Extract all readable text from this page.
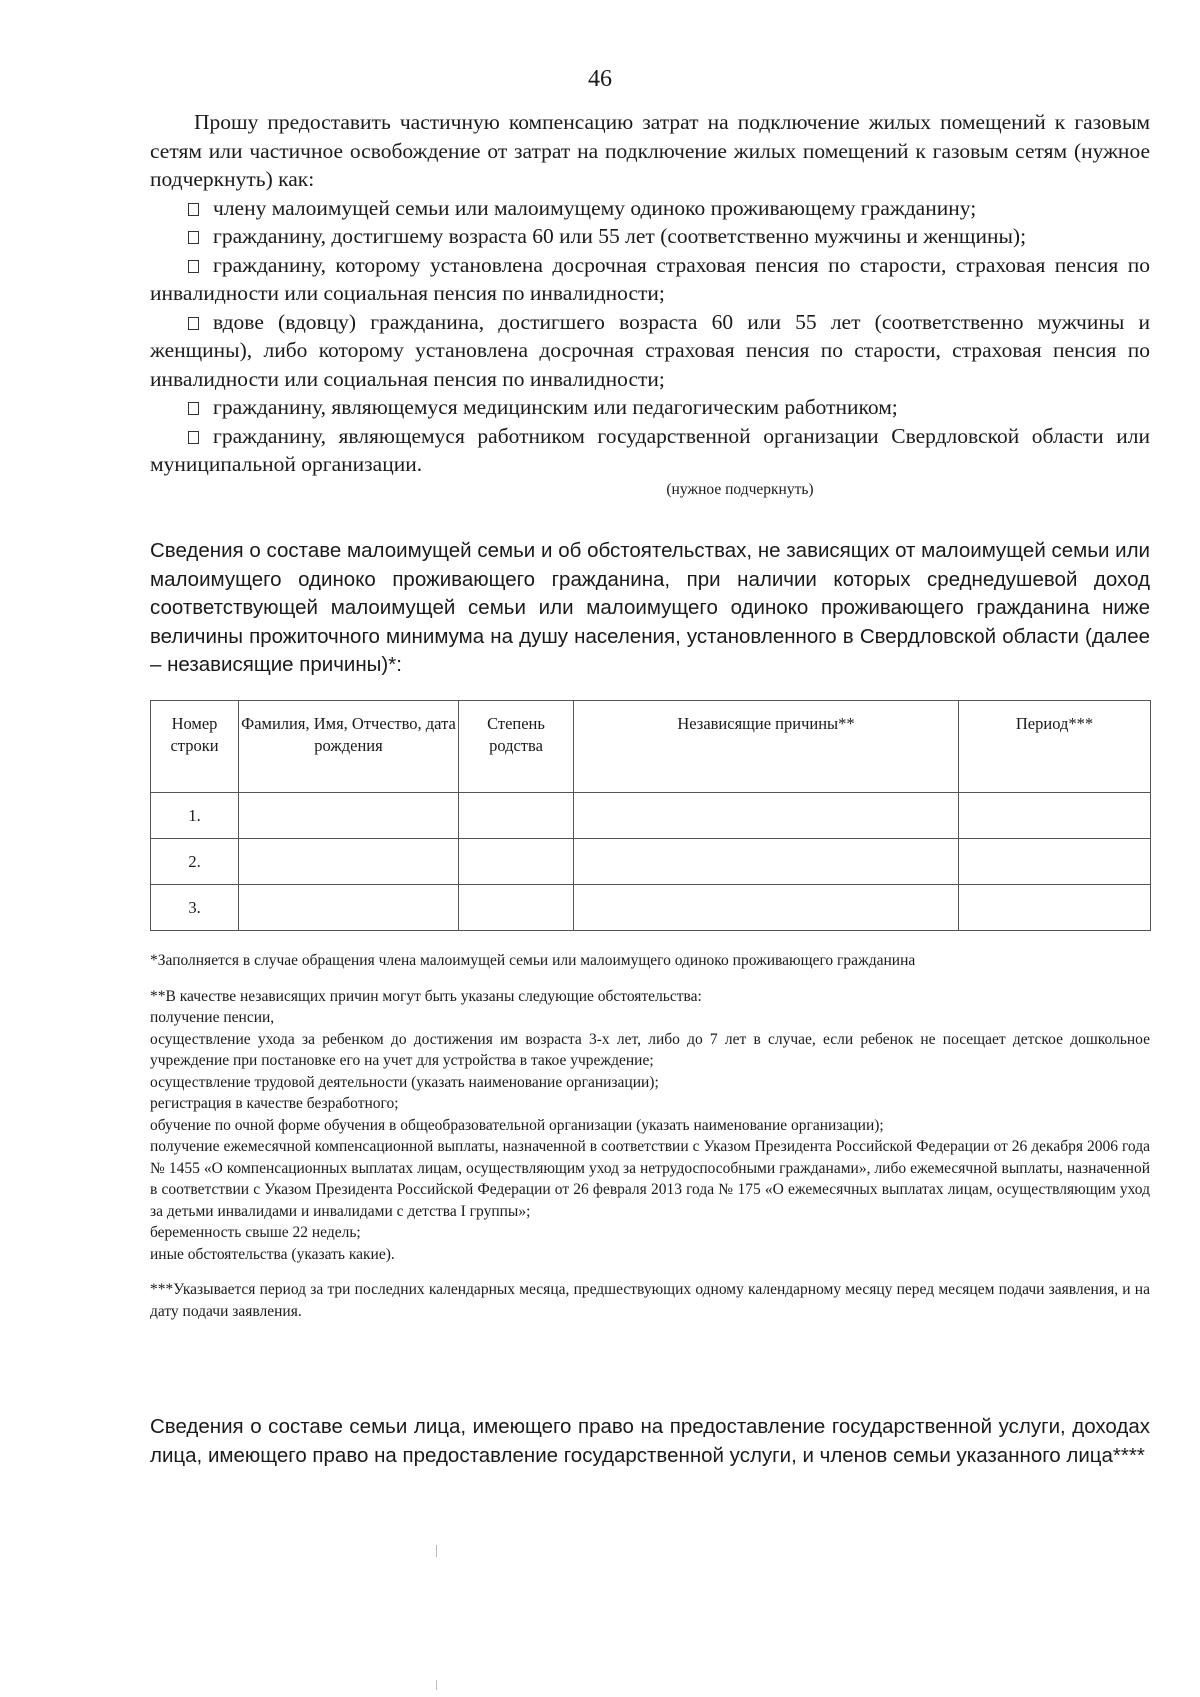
46

Прошу предоставить частичную компенсацию затрат на подключение жилых помещений к газовым сетям или частичное освобождение от затрат на подключение жилых помещений к газовым сетям (нужное подчеркнуть) как:

члену малоимущей семьи или малоимущему одиноко проживающему гражданину;

гражданину, достигшему возраста 60 или 55 лет (соответственно мужчины и женщины);

гражданину, которому установлена досрочная страховая пенсия по старости, страховая пенсия по инвалидности или социальная пенсия по инвалидности;

вдове (вдовцу) гражданина, достигшего возраста 60 или 55 лет (соответственно мужчины и женщины), либо которому установлена досрочная страховая пенсия по старости, страховая пенсия по инвалидности или социальная пенсия по инвалидности;

гражданину, являющемуся медицинским или педагогическим работником;

гражданину, являющемуся работником государственной организации Свердловской области или муниципальной организации.

(нужное подчеркнуть)

Сведения о составе малоимущей семьи и об обстоятельствах, не зависящих от малоимущей семьи или малоимущего одиноко проживающего гражданина, при наличии которых среднедушевой доход соответствующей малоимущей семьи или малоимущего одиноко проживающего гражданина ниже величины прожиточного минимума на душу населения, установленного в Свердловской области (далее – независящие причины)*:

Номер строки	Фамилия, Имя, Отчество, дата рождения	Степень родства	Независящие причины**	Период***
1.				
2.				
3.				

*Заполняется в случае обращения члена малоимущей семьи или малоимущего одиноко проживающего гражданина

**В качестве независящих причин могут быть указаны следующие обстоятельства:

получение пенсии,

осуществление ухода за ребенком до достижения им возраста 3-х лет, либо до 7 лет в случае, если ребенок не посещает детское дошкольное учреждение при постановке его на учет для устройства в такое учреждение;

осуществление трудовой деятельности (указать наименование организации);

регистрация в качестве безработного;

обучение по очной форме обучения в общеобразовательной организации (указать наименование организации);

получение ежемесячной компенсационной выплаты, назначенной в соответствии с Указом Президента Российской Федерации от 26 декабря 2006 года № 1455 «О компенсационных выплатах лицам, осуществляющим уход за нетрудоспособными гражданами», либо ежемесячной выплаты, назначенной в соответствии с Указом Президента Российской Федерации от 26 февраля 2013 года № 175 «О ежемесячных выплатах лицам, осуществляющим уход за детьми инвалидами и инвалидами с детства I группы»;

беременность свыше 22 недель;

иные обстоятельства (указать какие).

***Указывается период за три последних календарных месяца, предшествующих одному календарному месяцу перед месяцем подачи заявления, и на дату подачи заявления.

Сведения о составе семьи лица, имеющего право на предоставление государственной услуги, доходах лица, имеющего право на предоставление государственной услуги, и членов семьи указанного лица****
